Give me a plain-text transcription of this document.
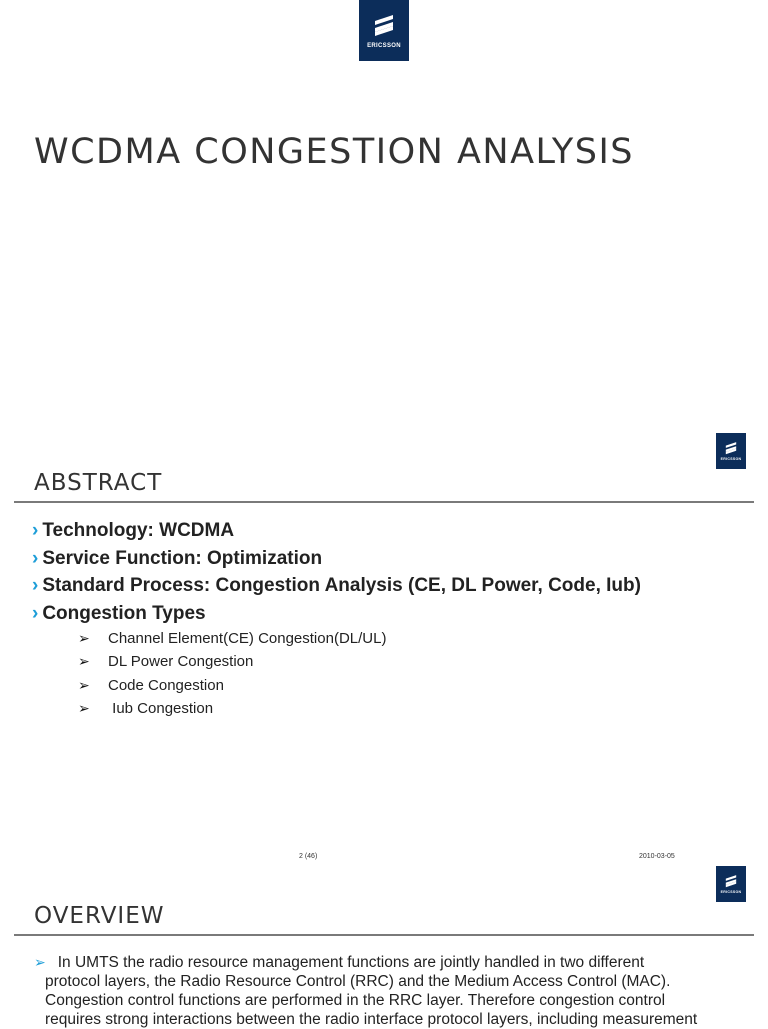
ERICSSON
WCDMA CONGESTION ANALYSIS
ERICSSON
ABSTRACT
› Technology: WCDMA
› Service Function: Optimization
› Standard Process: Congestion Analysis (CE, DL Power, Code, Iub)
› Congestion Types
➢ Channel Element(CE) Congestion(DL/UL)
➢ DL Power Congestion
➢ Code Congestion
➢ Iub Congestion
2 (46)	2010-03-05
ERICSSON
OVERVIEW
➢ In UMTS the radio resource management functions are jointly handled in two different
protocol layers, the Radio Resource Control (RRC) and the Medium Access Control (MAC).
Congestion control functions are performed in the RRC layer. Therefore congestion control
requires strong interactions between the radio interface protocol layers, including measurement
